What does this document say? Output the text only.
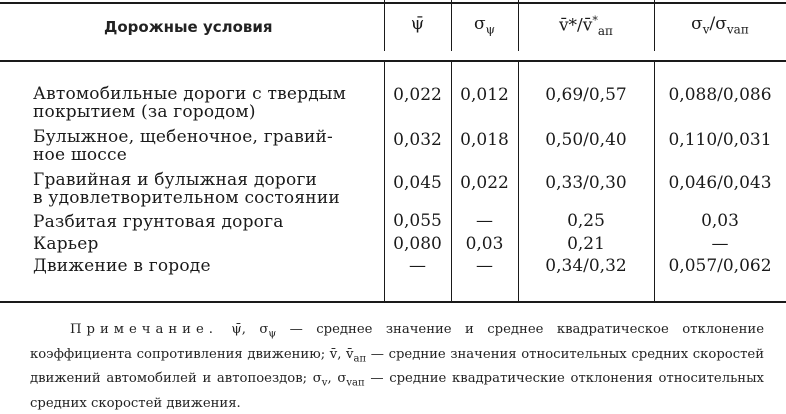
Дорожные условия	ψ̄	$\sigma_\psi$	$v̄*/v̄^*_{ап}$	$\sigma_v/\sigma_{vап}$
Автомобильные дороги с твердым
покрытием (за городом)
0,022	0,012	0,69/0,57	0,088/0,086
Булыжное, щебеночное, гравий-
ное шоссе
0,032	0,018	0,50/0,40	0,110/0,031
Гравийная и булыжная дороги
в удовлетворительном состоянии
0,045	0,022	0,33/0,30	0,046/0,043
Разбитая грунтовая дорога	0,055	—	0,25	0,03
Карьер	0,080	0,03	0,21	—
Движение в городе	—	—	0,34/0,32	0,057/0,062
Примечание. ψ̄, $\sigma_\psi$ — среднее значение и среднее квадратическое отклонение коэффициента сопротивления движению; v̄, $v̄_{ап}$ — средние значения относительных средних скоростей движений автомобилей и автопоездов; $\sigma_v$, $\sigma_{vап}$ — средние квадратические отклонения относительных средних скоростей движения.
